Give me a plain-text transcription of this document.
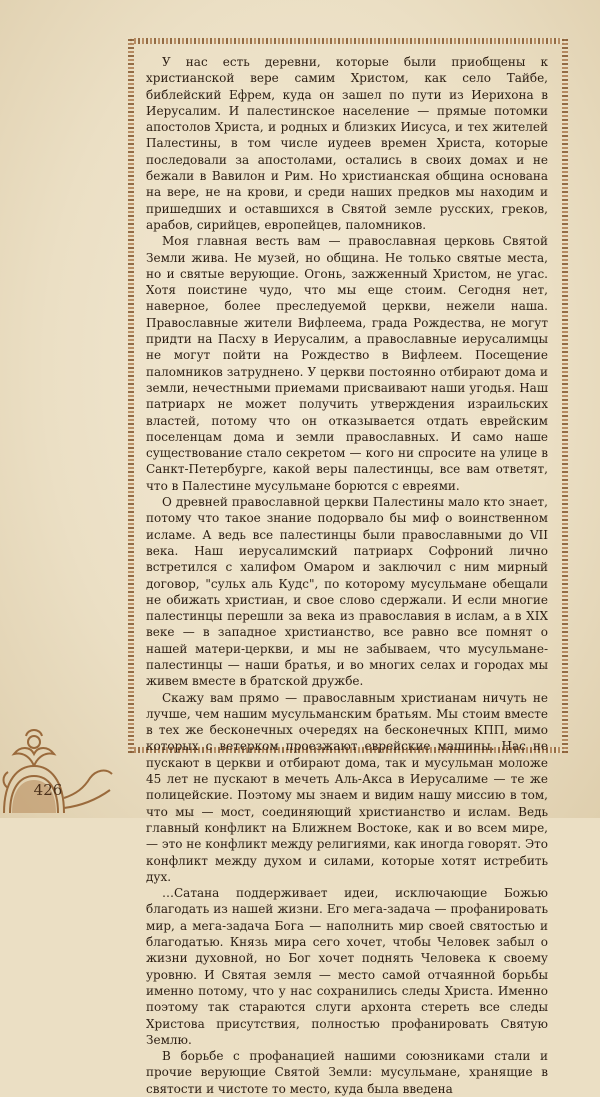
У нас есть деревни, которые были приобщены к христианской вере самим Христом, как село Тайбе, библейский Ефрем, куда он зашел по пути из Иерихона в Иерусалим. И палестинское население — прямые потомки апостолов Христа, и родных и близких Иисуса, и тех жителей Палестины, в том числе иудеев времен Христа, которые последовали за апостолами, остались в своих домах и не бежали в Вавилон и Рим. Но христианская община основана на вере, не на крови, и среди наших предков мы находим и пришедших и оставшихся в Святой земле русских, греков, арабов, сирийцев, европейцев, паломников.

Моя главная весть вам — православная церковь Святой Земли жива. Не музей, но община. Не только святые места, но и святые верующие. Огонь, зажженный Христом, не угас. Хотя поистине чудо, что мы еще стоим. Сегодня нет, наверное, более преследуемой церкви, нежели наша. Православные жители Вифлеема, града Рождества, не могут придти на Пасху в Иерусалим, а православные иерусалимцы не могут пойти на Рождество в Вифлеем. Посещение паломников затруднено. У церкви постоянно отбирают дома и земли, нечестными приемами присваивают наши угодья. Наш патриарх не может получить утверждения израильских властей, потому что он отказывается отдать еврейским поселенцам дома и земли православных. И само наше существование стало секретом — кого ни спросите на улице в Санкт-Петербурге, какой веры палестинцы, все вам ответят, что в Палестине мусульмане борются с евреями.

О древней православной церкви Палестины мало кто знает, потому что такое знание подорвало бы миф о воинственном исламе. А ведь все палестинцы были православными до VII века. Наш иерусалимский патриарх Софроний лично встретился с халифом Омаром и заключил с ним мирный договор, "сульх аль Кудс", по которому мусульмане обещали не обижать христиан, и свое слово сдержали. И если многие палестинцы перешли за века из православия в ислам, а в XIX веке — в западное христианство, все равно все помнят о нашей матери-церкви, и мы не забываем, что мусульмане-палестинцы — наши братья, и во многих селах и городах мы живем вместе в братской дружбе.

Скажу вам прямо — православным христианам ничуть не лучше, чем нашим мусульманским братьям. Мы стоим вместе в тех же бесконечных очередях на бесконечных КПП, мимо которых с ветерком проезжают еврейские машины. Нас не пускают в церкви и отбирают дома, так и мусульман моложе 45 лет не пускают в мечеть Аль-Акса в Иерусалиме — те же полицейские. Поэтому мы знаем и видим нашу миссию в том, что мы — мост, соединяющий христианство и ислам. Ведь главный конфликт на Ближнем Востоке, как и во всем мире, — это не конфликт между религиями, как иногда говорят. Это конфликт между духом и силами, которые хотят истребить дух.

…Сатана поддерживает идеи, исключающие Божью благодать из нашей жизни. Его мега-задача — профанировать мир, а мега-задача Бога — наполнить мир своей святостью и благодатью. Князь мира сего хочет, чтобы Человек забыл о жизни духовной, но Бог хочет поднять Человека к своему уровню. И Святая земля — место самой отчаянной борьбы именно потому, что у нас сохранились следы Христа. Именно поэтому так стараются слуги архонта стереть все следы Христова присутствия, полностью профанировать Святую Землю.

В борьбе с профанацией нашими союзниками стали и прочие верующие Святой Земли: мусульмане, хранящие в святости и чистоте то место, куда была введена

426
